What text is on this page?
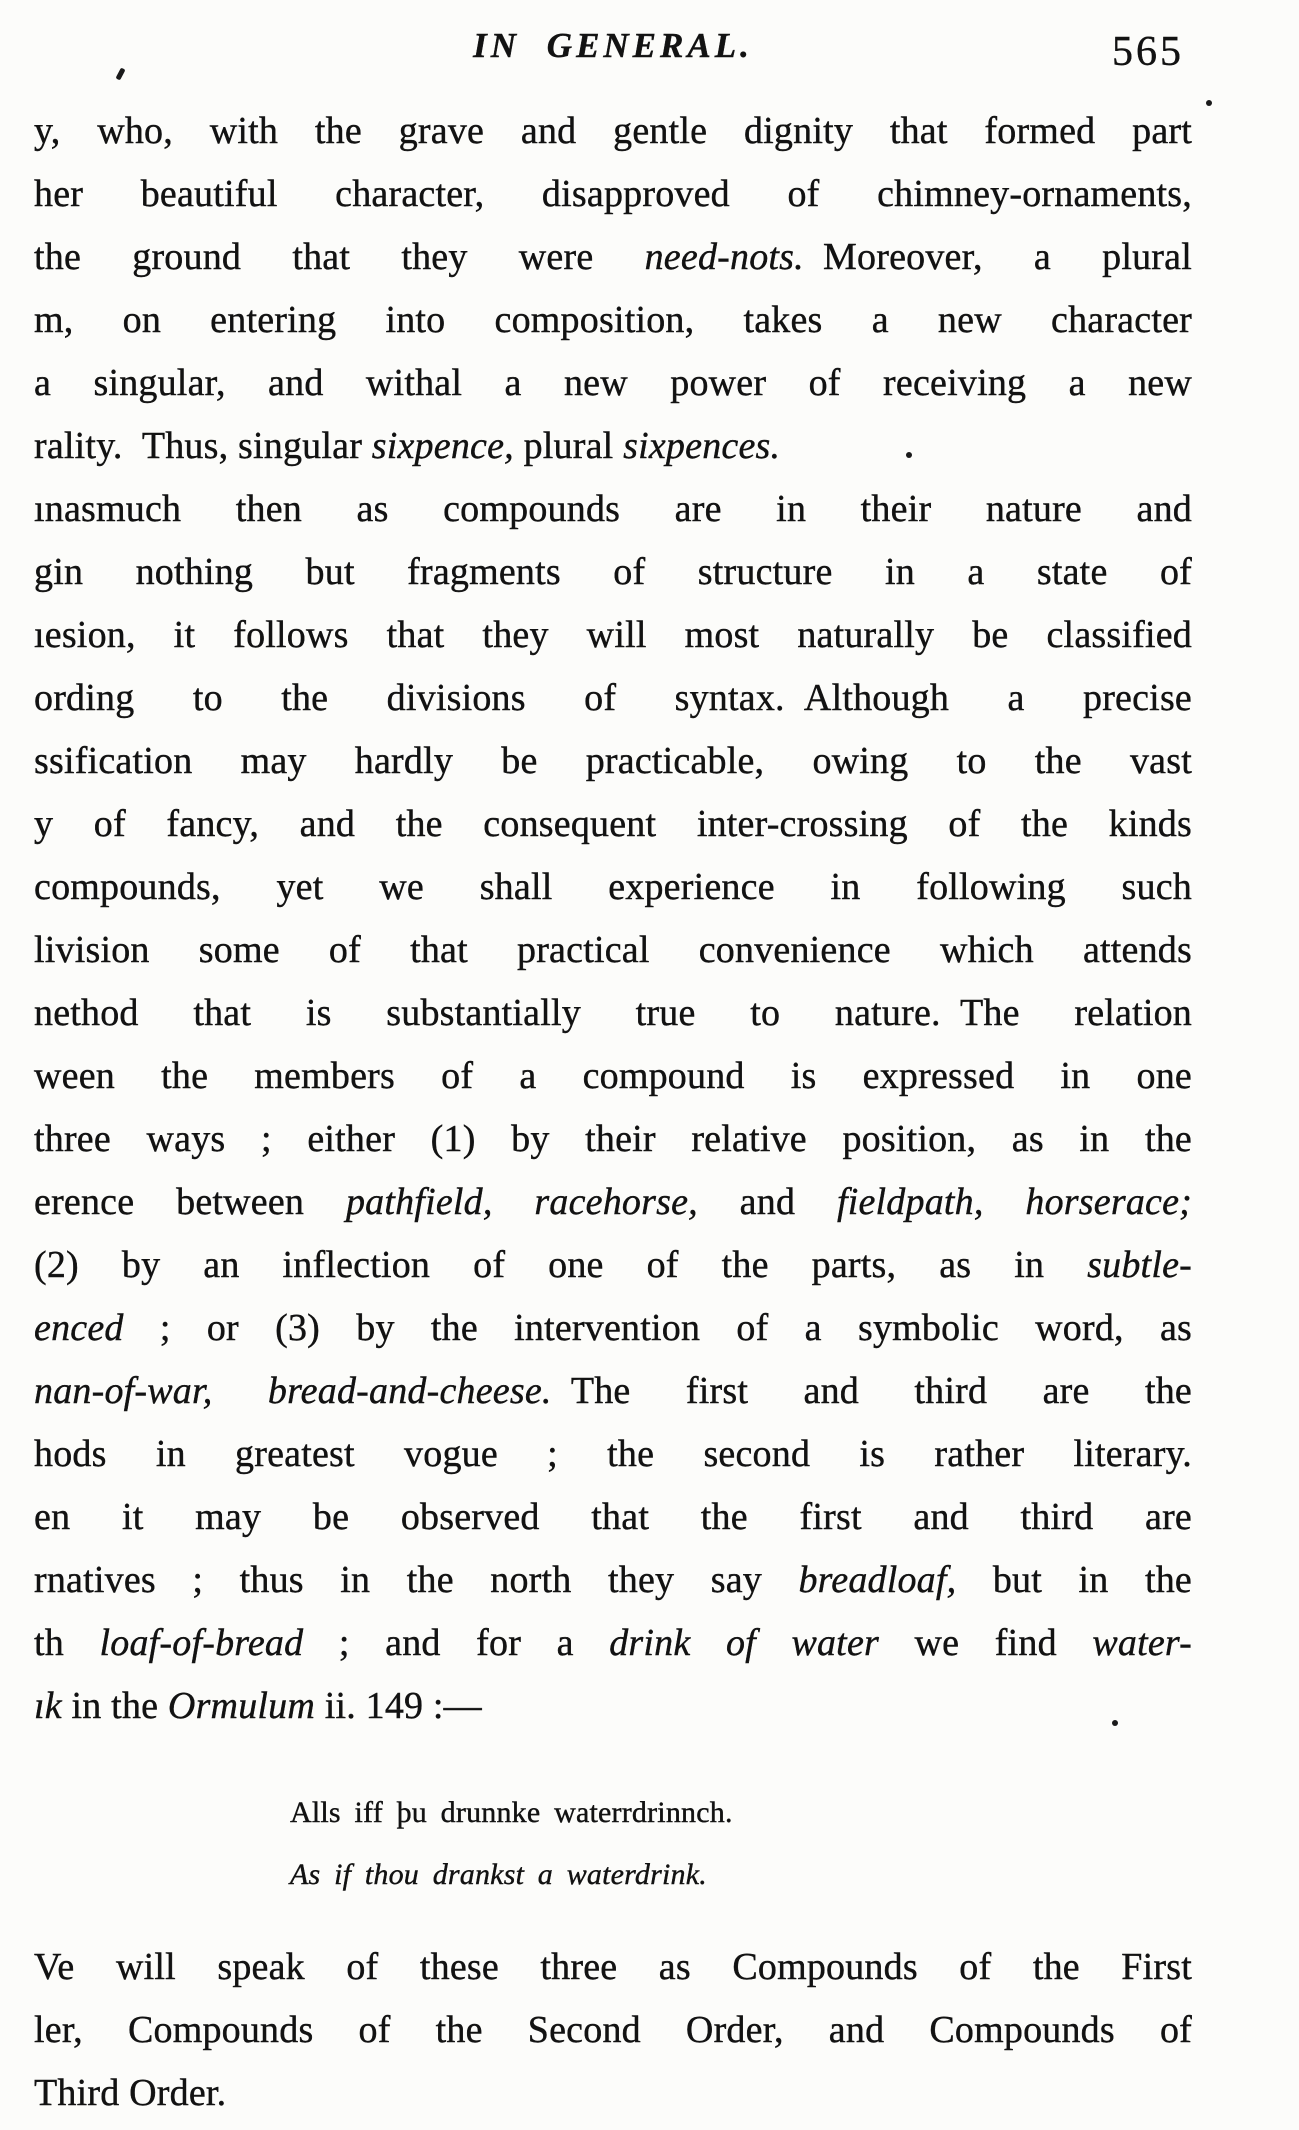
IN GENERAL.	565
y, who, with the grave and gentle dignity that formed part
her beautiful character, disapproved of chimney-ornaments,
the ground that they were need-nots. Moreover, a plural
m, on entering into composition, takes a new character
a singular, and withal a new power of receiving a new
rality. Thus, singular sixpence, plural sixpences.
ınasmuch then as compounds are in their nature and
gin nothing but fragments of structure in a state of
ıesion, it follows that they will most naturally be classified
ording to the divisions of syntax. Although a precise
ssification may hardly be practicable, owing to the vast
y of fancy, and the consequent inter-crossing of the kinds
compounds, yet we shall experience in following such
livision some of that practical convenience which attends
nethod that is substantially true to nature. The relation
ween the members of a compound is expressed in one
three ways ; either (1) by their relative position, as in the
erence between pathfield, racehorse, and fieldpath, horserace;
(2) by an inflection of one of the parts, as in subtle-
enced ; or (3) by the intervention of a symbolic word, as
nan-of-war, bread-and-cheese. The first and third are the
hods in greatest vogue ; the second is rather literary.
en it may be observed that the first and third are
rnatives ; thus in the north they say breadloaf, but in the
th loaf-of-bread ; and for a drink of water we find water-
ık in the Ormulum ii. 149 :—
Alls iff þu drunnke waterrdrinnch.
As if thou drankst a waterdrink.
Ve will speak of these three as Compounds of the First
ler, Compounds of the Second Order, and Compounds of
Third Order.
